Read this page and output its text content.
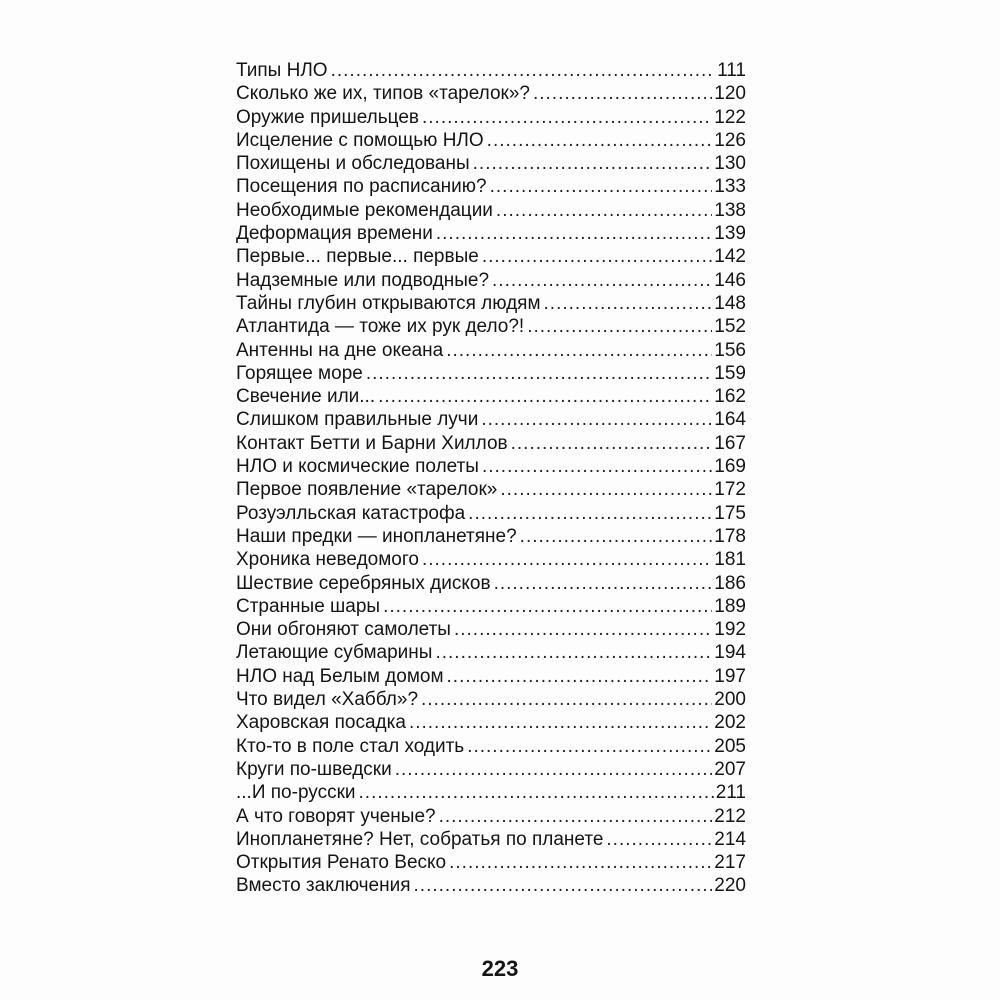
Типы НЛО .....	111
Сколько же их, типов «тарелок»? .....	120
Оружие пришельцев .....	122
Исцеление с помощью НЛО .....	126
Похищены и обследованы .....	130
Посещения по расписанию? .....	133
Необходимые рекомендации .....	138
Деформация времени .....	139
Первые... первые... первые .....	142
Надземные или подводные? .....	146
Тайны глубин открываются людям .....	148
Атлантида — тоже их рук дело?! .....	152
Антенны на дне океана .....	156
Горящее море .....	159
Свечение или... .....	162
Слишком правильные лучи .....	164
Контакт Бетти и Барни Хиллов .....	167
НЛО и космические полеты .....	169
Первое появление «тарелок» .....	172
Розуэлльская катастрофа .....	175
Наши предки — инопланетяне? .....	178
Хроника неведомого .....	181
Шествие серебряных дисков .....	186
Странные шары .....	189
Они обгоняют самолеты .....	192
Летающие субмарины .....	194
НЛО над Белым домом .....	197
Что видел «Хаббл»? .....	200
Харовская посадка .....	202
Кто-то в поле стал ходить .....	205
Круги по-шведски .....	207
...И по-русски .....	211
А что говорят ученые? .....	212
Инопланетяне? Нет, собратья по планете .....	214
Открытия Ренато Веско .....	217
Вместо заключения .....	220
223
